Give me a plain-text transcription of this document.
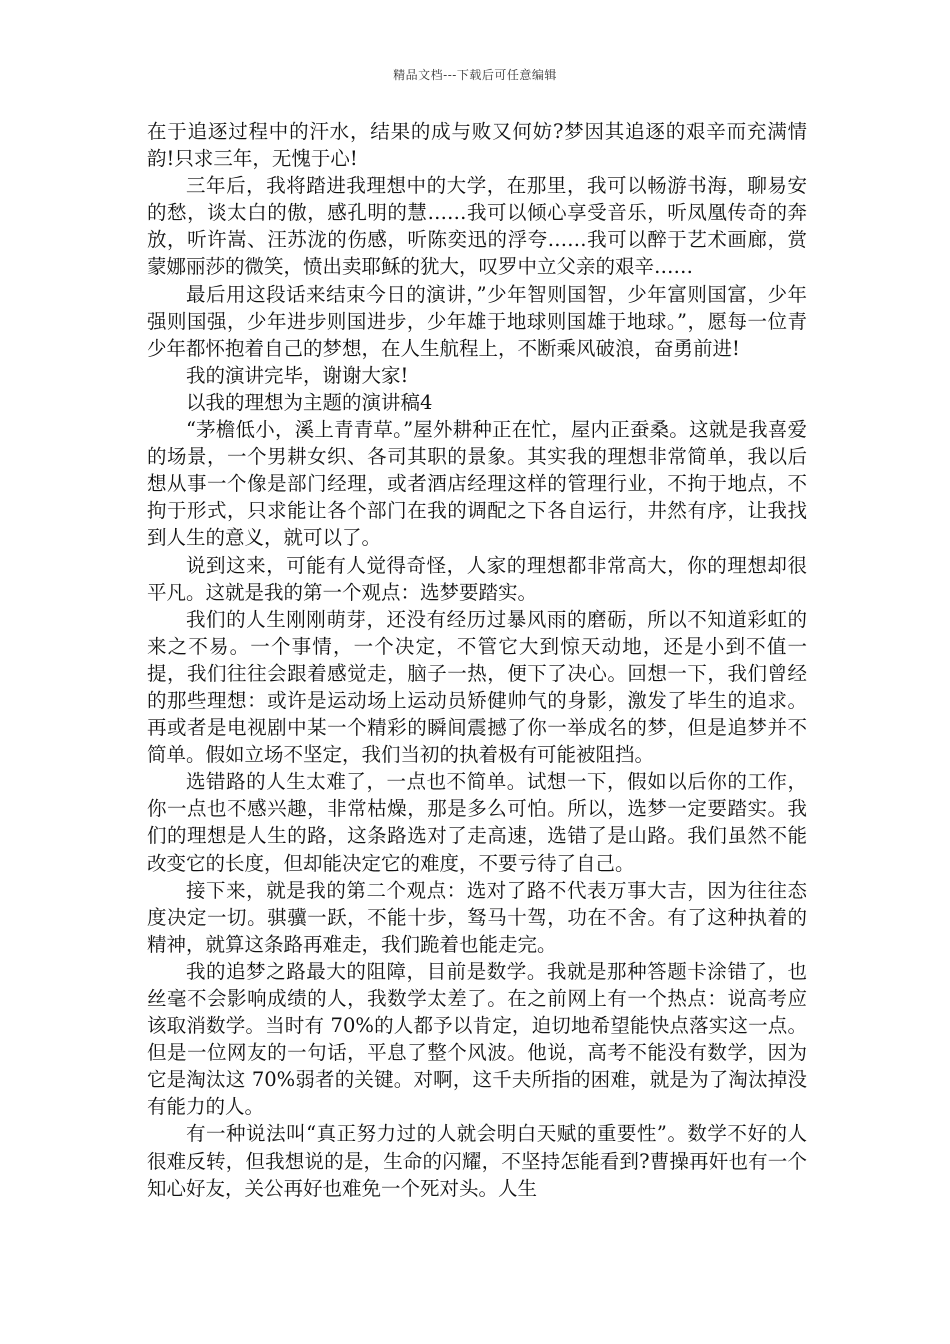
精品文档---下载后可任意编辑

在于追逐过程中的汗水，结果的成与败又何妨?梦因其追逐的艰辛而充满情韵!只求三年，无愧于心!

三年后，我将踏进我理想中的大学，在那里，我可以畅游书海，聊易安的愁，谈太白的傲，感孔明的慧……我可以倾心享受音乐，听凤凰传奇的奔放，听许嵩、汪苏泷的伤感，听陈奕迅的浮夸……我可以醉于艺术画廊，赏蒙娜丽莎的微笑，愤出卖耶稣的犹大，叹罗中立父亲的艰辛……

最后用这段话来结束今日的演讲，”少年智则国智，少年富则国富，少年强则国强，少年进步则国进步，少年雄于地球则国雄于地球。”，愿每一位青少年都怀抱着自己的梦想，在人生航程上，不断乘风破浪，奋勇前进!

我的演讲完毕，谢谢大家!

以我的理想为主题的演讲稿4

“茅檐低小，溪上青青草。”屋外耕种正在忙，屋内正蚕桑。这就是我喜爱的场景，一个男耕女织、各司其职的景象。其实我的理想非常简单，我以后想从事一个像是部门经理，或者酒店经理这样的管理行业，不拘于地点，不拘于形式，只求能让各个部门在我的调配之下各自运行，井然有序，让我找到人生的意义，就可以了。

说到这来，可能有人觉得奇怪，人家的理想都非常高大，你的理想却很平凡。这就是我的第一个观点：选梦要踏实。

我们的人生刚刚萌芽，还没有经历过暴风雨的磨砺，所以不知道彩虹的来之不易。一个事情，一个决定，不管它大到惊天动地，还是小到不值一提，我们往往会跟着感觉走，脑子一热，便下了决心。回想一下，我们曾经的那些理想：或许是运动场上运动员矫健帅气的身影，激发了毕生的追求。再或者是电视剧中某一个精彩的瞬间震撼了你一举成名的梦，但是追梦并不简单。假如立场不坚定，我们当初的执着极有可能被阻挡。

选错路的人生太难了，一点也不简单。试想一下，假如以后你的工作，你一点也不感兴趣，非常枯燥，那是多么可怕。所以，选梦一定要踏实。我们的理想是人生的路，这条路选对了走高速，选错了是山路。我们虽然不能改变它的长度，但却能决定它的难度，不要亏待了自己。

接下来，就是我的第二个观点：选对了路不代表万事大吉，因为往往态度决定一切。骐骥一跃，不能十步，驽马十驾，功在不舍。有了这种执着的精神，就算这条路再难走，我们跪着也能走完。

我的追梦之路最大的阻障，目前是数学。我就是那种答题卡涂错了，也丝毫不会影响成绩的人，我数学太差了。在之前网上有一个热点：说高考应该取消数学。当时有 70%的人都予以肯定，迫切地希望能快点落实这一点。但是一位网友的一句话，平息了整个风波。他说，高考不能没有数学，因为它是淘汰这 70%弱者的关键。对啊，这千夫所指的困难，就是为了淘汰掉没有能力的人。

有一种说法叫“真正努力过的人就会明白天赋的重要性”。数学不好的人很难反转，但我想说的是，生命的闪耀，不坚持怎能看到?曹操再奸也有一个知心好友，关公再好也难免一个死对头。人生
